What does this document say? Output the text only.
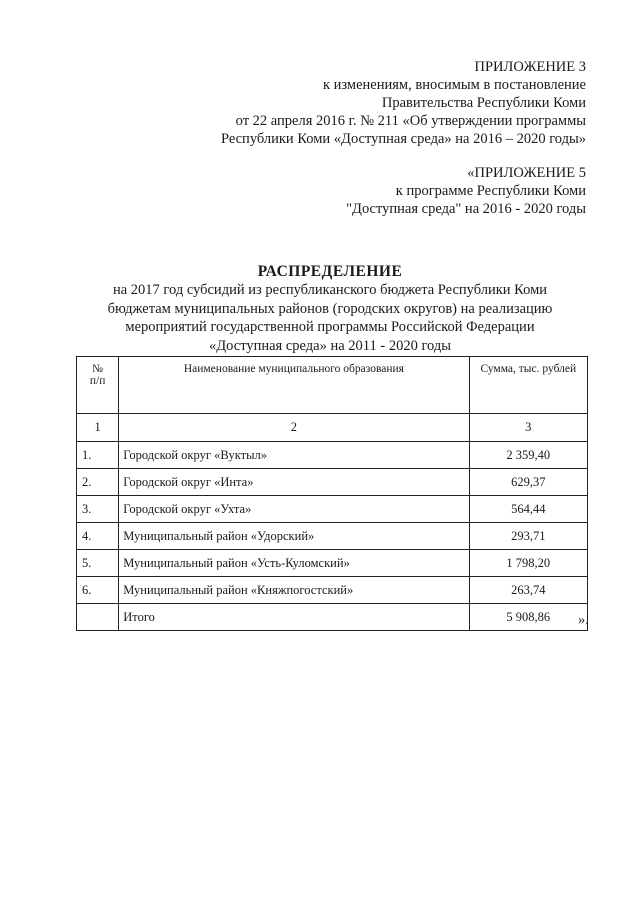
ПРИЛОЖЕНИЕ 3
к изменениям, вносимым в постановление
Правительства Республики Коми
от 22 апреля 2016 г. № 211 «Об утверждении программы
Республики Коми «Доступная среда» на 2016 – 2020 годы»
«ПРИЛОЖЕНИЕ 5
к программе Республики Коми
"Доступная среда" на 2016 - 2020 годы
РАСПРЕДЕЛЕНИЕ
на 2017 год субсидий из республиканского бюджета Республики Коми
бюджетам муниципальных районов (городских округов) на реализацию
мероприятий государственной программы Российской Федерации
«Доступная среда» на 2011 - 2020 годы
№
п/п	Наименование муниципального образования	Сумма, тыс. рублей
1	2	3
1.	Городской округ «Вуктыл»	2 359,40
2.	Городской округ «Инта»	629,37
3.	Городской округ «Ухта»	564,44
4.	Муниципальный район «Удорский»	293,71
5.	Муниципальный район «Усть-Куломский»	1 798,20
6.	Муниципальный район «Княжпогостский»	263,74
	Итого	5 908,86 ».
